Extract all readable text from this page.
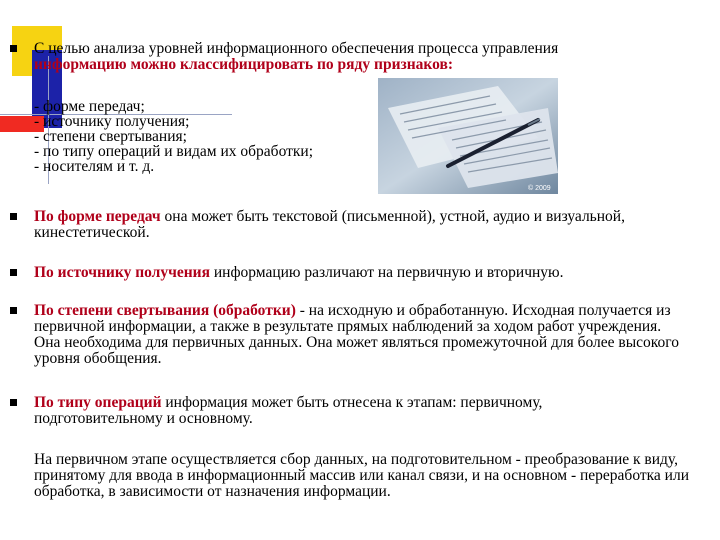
С целью анализа уровней информационного обеспечения процесса управления
информацию можно классифицировать по ряду признаков:
© 2009
- форме передач;
- источнику получения;
- степени свертывания;
- по типу операций и видам их обработки;
- носителям и т. д.
По форме передач она может быть текстовой (письменной), устной, аудио и визуальной, кинестетической.
По источнику получения информацию различают на первичную и вторичную.
По степени свертывания (обработки) - на исходную и обработанную. Исходная получается из первичной информации, а также в результате прямых наблюдений за ходом работ учреждения. Она необходима для первичных данных. Она может являться промежуточной для более высокого уровня обобщения.
По типу операций информация может быть отнесена к этапам: первичному, подготовительному и основному.
На первичном этапе осуществляется сбор данных, на подготовительном - преобразование к виду, принятому для ввода в информационный массив или канал связи, и на основном - переработка или обработка, в зависимости от назначения информации.
